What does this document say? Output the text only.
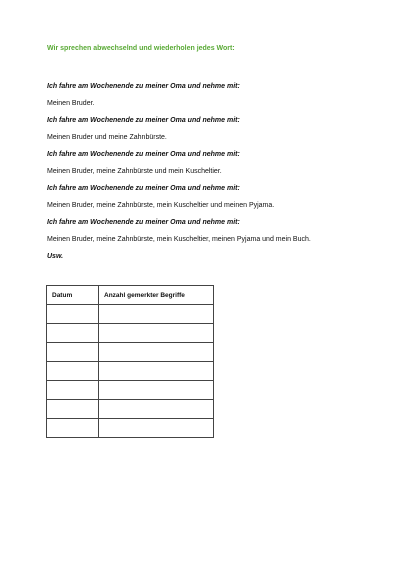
Wir sprechen abwechselnd und wiederholen jedes Wort:
Ich fahre am Wochenende zu meiner Oma und nehme mit:
Meinen Bruder.
Ich fahre am Wochenende zu meiner Oma und nehme mit:
Meinen Bruder und meine Zahnbürste.
Ich fahre am Wochenende zu meiner Oma und nehme mit:
Meinen Bruder, meine Zahnbürste und mein Kuscheltier.
Ich fahre am Wochenende zu meiner Oma und nehme mit:
Meinen Bruder, meine Zahnbürste, mein Kuscheltier und meinen Pyjama.
Ich fahre am Wochenende zu meiner Oma und nehme mit:
Meinen Bruder, meine Zahnbürste, mein Kuscheltier, meinen Pyjama und mein Buch.
Usw.
Datum	Anzahl gemerkter Begriffe
